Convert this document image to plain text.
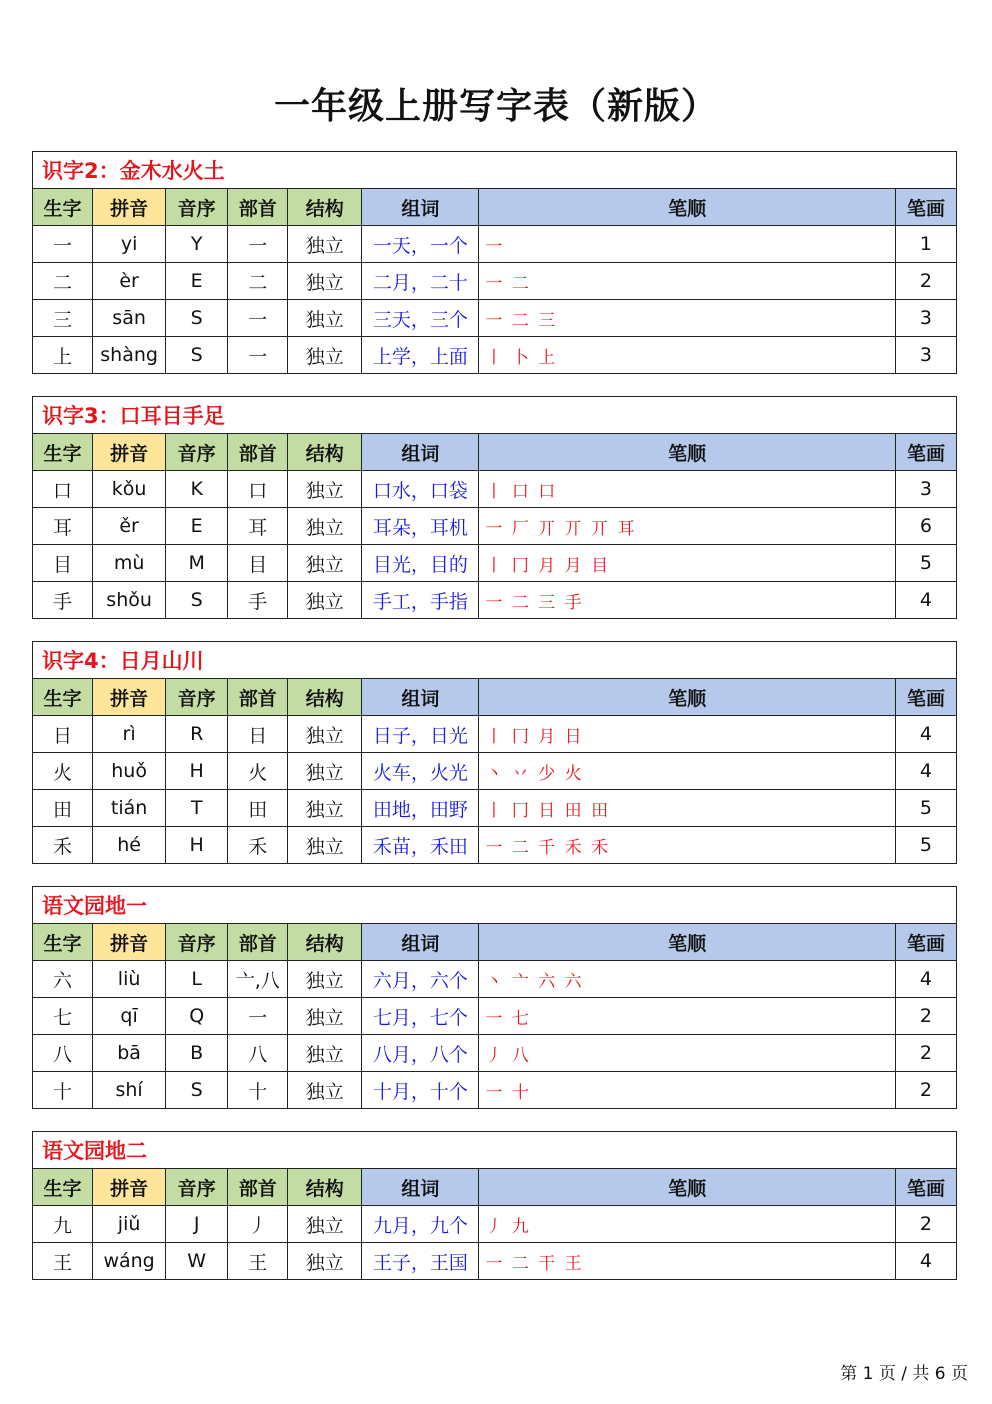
一年级上册写字表（新版）
识字2：金木水火土							
生字	拼音	音序	部首	结构	组词	笔顺	笔画
一	yi	Y	一	独立	一天，一个	一	1
二	èr	E	二	独立	二月，二十	一 二	2
三	sān	S	一	独立	三天，三个	一 二 三	3
上	shàng	S	一	独立	上学，上面	丨 卜 上	3
识字3：口耳目手足							
生字	拼音	音序	部首	结构	组词	笔顺	笔画
口	kǒu	K	口	独立	口水，口袋	丨 口 口	3
耳	ěr	E	耳	独立	耳朵，耳机	一 厂 丌 丌 丌 耳	6
目	mù	M	目	独立	目光，目的	丨 冂 月 月 目	5
手	shǒu	S	手	独立	手工，手指	一 二 三 手	4
识字4：日月山川							
生字	拼音	音序	部首	结构	组词	笔顺	笔画
日	rì	R	日	独立	日子，日光	丨 冂 月 日	4
火	huǒ	H	火	独立	火车，火光	丶 丷 少 火	4
田	tián	T	田	独立	田地，田野	丨 冂 日 田 田	5
禾	hé	H	禾	独立	禾苗，禾田	一 二 千 禾 禾	5
语文园地一							
生字	拼音	音序	部首	结构	组词	笔顺	笔画
六	liù	L	亠,八	独立	六月，六个	丶 亠 六 六	4
七	qī	Q	一	独立	七月，七个	一 七	2
八	bā	B	八	独立	八月，八个	丿 八	2
十	shí	S	十	独立	十月，十个	一 十	2
语文园地二							
生字	拼音	音序	部首	结构	组词	笔顺	笔画
九	jiǔ	J	丿	独立	九月，九个	丿 九	2
王	wáng	W	王	独立	王子，王国	一 二 干 王	4
第 1 页 / 共 6 页
